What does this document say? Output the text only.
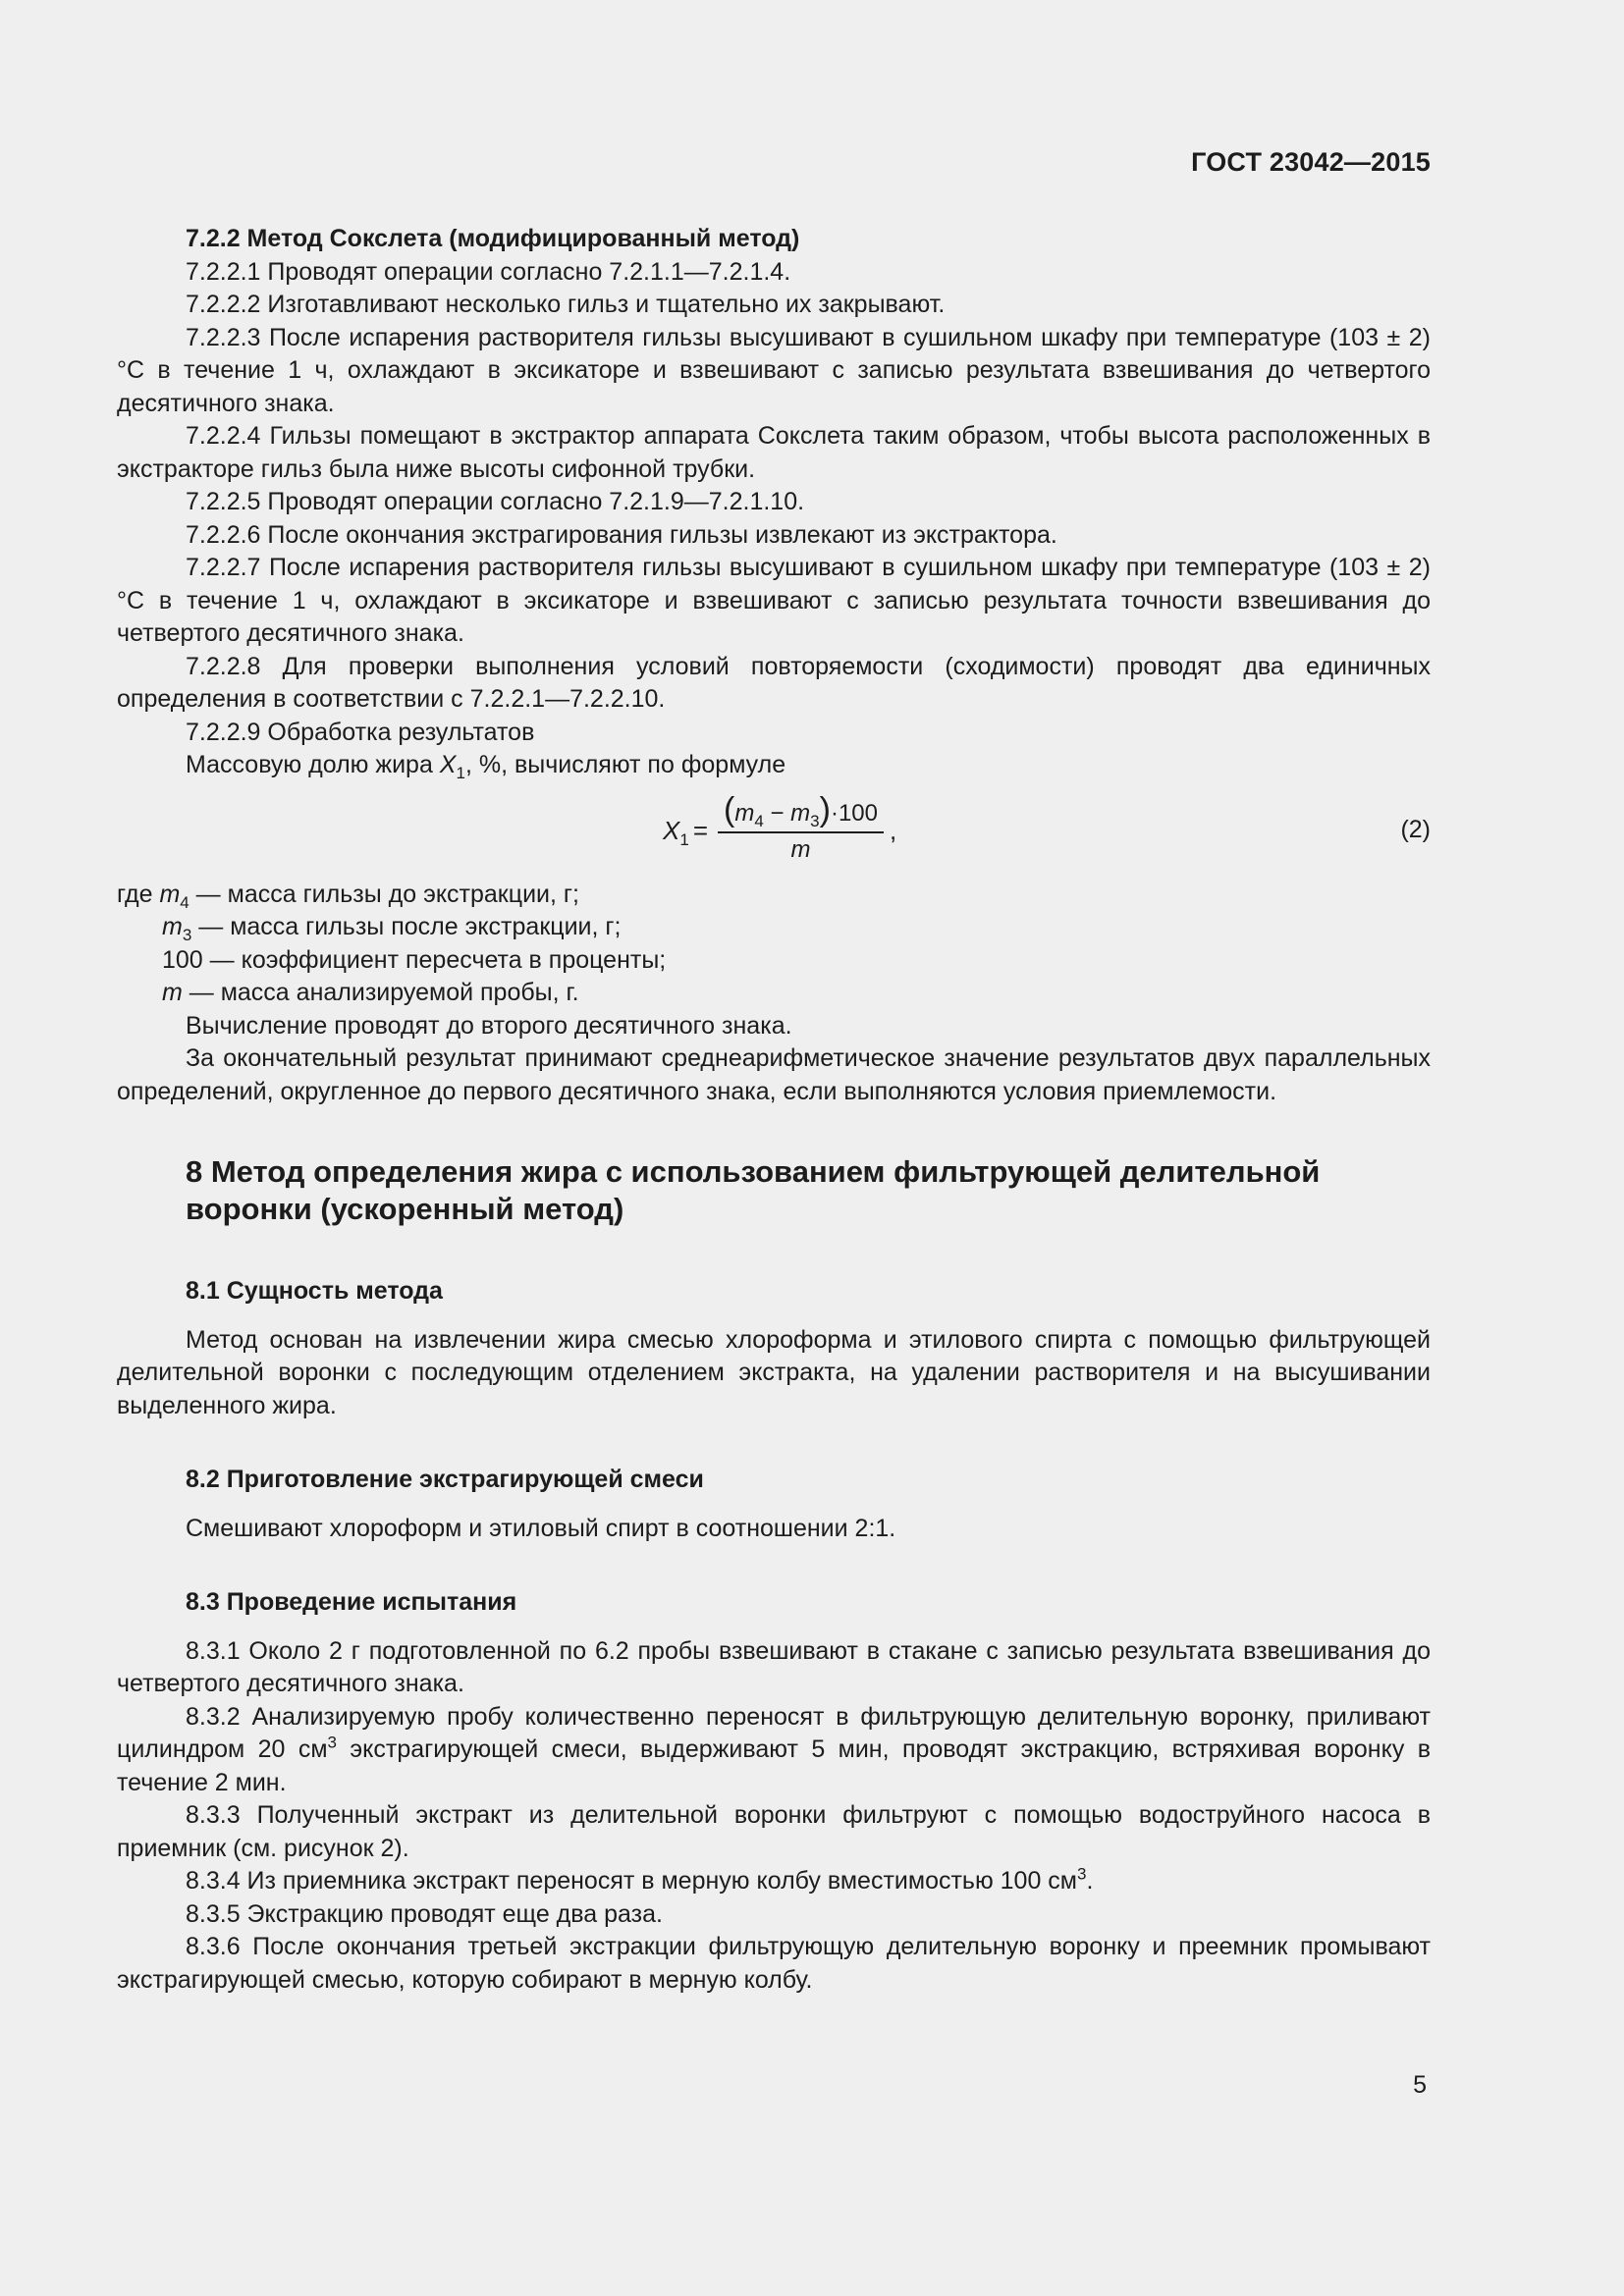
ГОСТ 23042—2015

7.2.2 Метод Сокслета (модифицированный метод)

7.2.2.1 Проводят операции согласно 7.2.1.1—7.2.1.4.

7.2.2.2 Изготавливают несколько гильз и тщательно их закрывают.

7.2.2.3 После испарения растворителя гильзы высушивают в сушильном шкафу при температуре (103 ± 2) °С в течение 1 ч, охлаждают в эксикаторе и взвешивают с записью результата взвешивания до четвертого десятичного знака.

7.2.2.4 Гильзы помещают в экстрактор аппарата Сокслета таким образом, чтобы высота расположенных в экстракторе гильз была ниже высоты сифонной трубки.

7.2.2.5 Проводят операции согласно 7.2.1.9—7.2.1.10.

7.2.2.6 После окончания экстрагирования гильзы извлекают из экстрактора.

7.2.2.7 После испарения растворителя гильзы высушивают в сушильном шкафу при температуре (103 ± 2) °С в течение 1 ч, охлаждают в эксикаторе и взвешивают с записью результата точности взвешивания до четвертого десятичного знака.

7.2.2.8 Для проверки выполнения условий повторяемости (сходимости) проводят два единичных определения в соответствии с 7.2.2.1—7.2.2.10.

7.2.2.9 Обработка результатов

Массовую долю жира $X_1$, %, вычисляют по формуле

$X_1 = \frac{(m_4 - m_3)\cdot 100}{m}$ ,	(2)

где $m_4$ — масса гильзы до экстракции, г;

$m_3$ — масса гильзы после экстракции, г;

100 — коэффициент пересчета в проценты;

m — масса анализируемой пробы, г.

Вычисление проводят до второго десятичного знака.

За окончательный результат принимают среднеарифметическое значение результатов двух параллельных определений, округленное до первого десятичного знака, если выполняются условия приемлемости.

8 Метод определения жира с использованием фильтрующей делительной
воронки (ускоренный метод)
8.1 Сущность метода

Метод основан на извлечении жира смесью хлороформа и этилового спирта с помощью фильтрующей делительной воронки с последующим отделением экстракта, на удалении растворителя и на высушивании выделенного жира.

8.2 Приготовление экстрагирующей смеси

Смешивают хлороформ и этиловый спирт в соотношении 2:1.

8.3 Проведение испытания

8.3.1 Около 2 г подготовленной по 6.2 пробы взвешивают в стакане с записью результата взвешивания до четвертого десятичного знака.

8.3.2 Анализируемую пробу количественно переносят в фильтрующую делительную воронку, приливают цилиндром 20 $см^3$ экстрагирующей смеси, выдерживают 5 мин, проводят экстракцию, встряхивая воронку в течение 2 мин.

8.3.3 Полученный экстракт из делительной воронки фильтруют с помощью водоструйного насоса в приемник (см. рисунок 2).

8.3.4 Из приемника экстракт переносят в мерную колбу вместимостью 100 $см^3$.

8.3.5 Экстракцию проводят еще два раза.

8.3.6 После окончания третьей экстракции фильтрующую делительную воронку и преемник промывают экстрагирующей смесью, которую собирают в мерную колбу.

5
